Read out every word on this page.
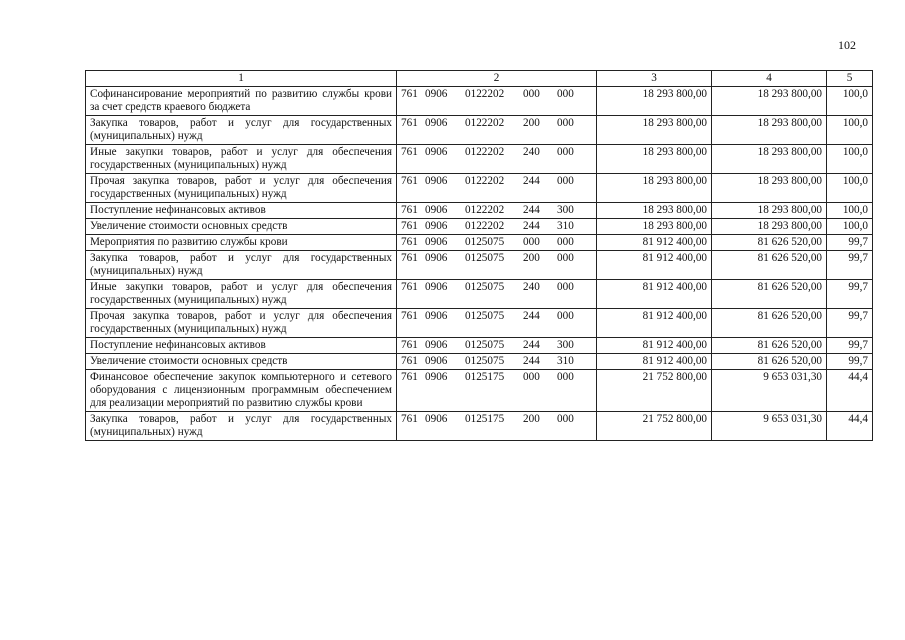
102
1	2	3	4	5
Софинансирование мероприятий по развитию службы крови за счет средств краевого бюджета	761 0906 0122202 000 000	18 293 800,00	18 293 800,00	100,0
Закупка товаров, работ и услуг для государственных (муниципальных) нужд	761 0906 0122202 200 000	18 293 800,00	18 293 800,00	100,0
Иные закупки товаров, работ и услуг для обеспечения государственных (муниципальных) нужд	761 0906 0122202 240 000	18 293 800,00	18 293 800,00	100,0
Прочая закупка товаров, работ и услуг для обеспечения государственных (муниципальных) нужд	761 0906 0122202 244 000	18 293 800,00	18 293 800,00	100,0
Поступление нефинансовых активов	761 0906 0122202 244 300	18 293 800,00	18 293 800,00	100,0
Увеличение стоимости основных средств	761 0906 0122202 244 310	18 293 800,00	18 293 800,00	100,0
Мероприятия по развитию службы крови	761 0906 0125075 000 000	81 912 400,00	81 626 520,00	99,7
Закупка товаров, работ и услуг для государственных (муниципальных) нужд	761 0906 0125075 200 000	81 912 400,00	81 626 520,00	99,7
Иные закупки товаров, работ и услуг для обеспечения государственных (муниципальных) нужд	761 0906 0125075 240 000	81 912 400,00	81 626 520,00	99,7
Прочая закупка товаров, работ и услуг для обеспечения государственных (муниципальных) нужд	761 0906 0125075 244 000	81 912 400,00	81 626 520,00	99,7
Поступление нефинансовых активов	761 0906 0125075 244 300	81 912 400,00	81 626 520,00	99,7
Увеличение стоимости основных средств	761 0906 0125075 244 310	81 912 400,00	81 626 520,00	99,7
Финансовое обеспечение закупок компьютерного и сетевого оборудования с лицензионным программным обеспечением для реализации мероприятий по развитию службы крови	761 0906 0125175 000 000	21 752 800,00	9 653 031,30	44,4
Закупка товаров, работ и услуг для государственных (муниципальных) нужд	761 0906 0125175 200 000	21 752 800,00	9 653 031,30	44,4
